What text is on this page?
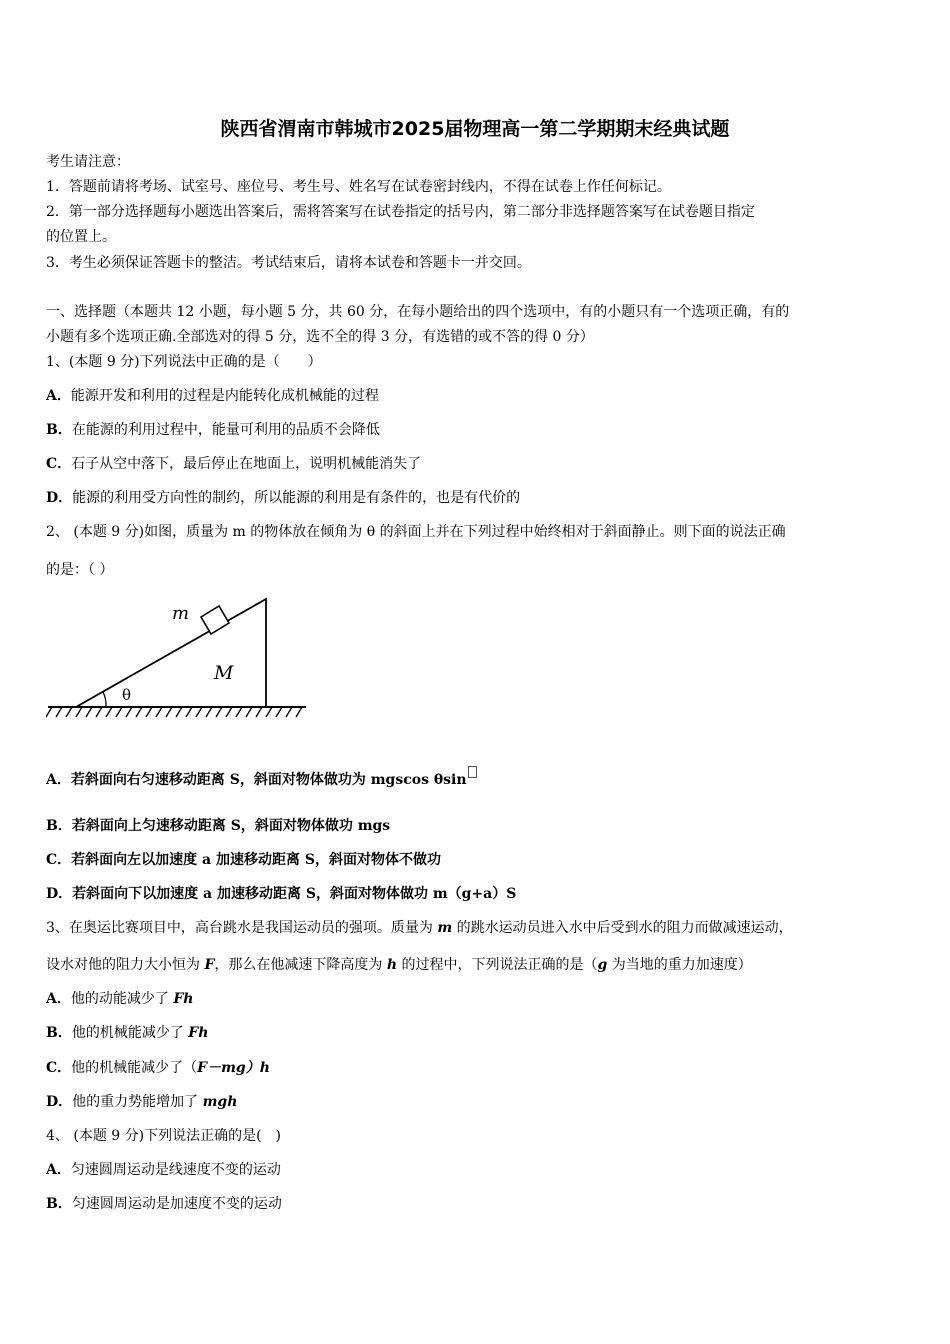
陕西省渭南市韩城市2025届物理高一第二学期期末经典试题
考生请注意：
1．答题前请将考场、试室号、座位号、考生号、姓名写在试卷密封线内，不得在试卷上作任何标记。
2．第一部分选择题每小题选出答案后，需将答案写在试卷指定的括号内，第二部分非选择题答案写在试卷题目指定
的位置上。
3．考生必须保证答题卡的整洁。考试结束后，请将本试卷和答题卡一并交回。
一、选择题（本题共 12 小题，每小题 5 分，共 60 分，在每小题给出的四个选项中，有的小题只有一个选项正确，有的
小题有多个选项正确.全部选对的得 5 分，选不全的得 3 分，有选错的或不答的得 0 分）
1、(本题 9 分)下列说法中正确的是（　　）
A．能源开发和利用的过程是内能转化成机械能的过程
B．在能源的利用过程中，能量可利用的品质不会降低
C．石子从空中落下，最后停止在地面上，说明机械能消失了
D．能源的利用受方向性的制约，所以能源的利用是有条件的，也是有代价的
2、 (本题 9 分)如图，质量为 m 的物体放在倾角为 θ 的斜面上并在下列过程中始终相对于斜面静止。则下面的说法正确
的是：（ ）
m
M
θ
A．若斜面向右匀速移动距离 S，斜面对物体做功为 mgscos θsin
B．若斜面向上匀速移动距离 S，斜面对物体做功 mgs
C．若斜面向左以加速度 a 加速移动距离 S，斜面对物体不做功
D．若斜面向下以加速度 a 加速移动距离 S，斜面对物体做功 m（g+a）S
3、在奥运比赛项目中，高台跳水是我国运动员的强项。质量为 m 的跳水运动员进入水中后受到水的阻力而做减速运动，
设水对他的阻力大小恒为 F，那么在他减速下降高度为 h 的过程中，下列说法正确的是（g 为当地的重力加速度）
A．他的动能减少了 Fh
B．他的机械能减少了 Fh
C．他的机械能减少了（F－mg）h
D．他的重力势能增加了 mgh
4、 (本题 9 分)下列说法正确的是(　)
A．匀速圆周运动是线速度不变的运动
B．匀速圆周运动是加速度不变的运动
